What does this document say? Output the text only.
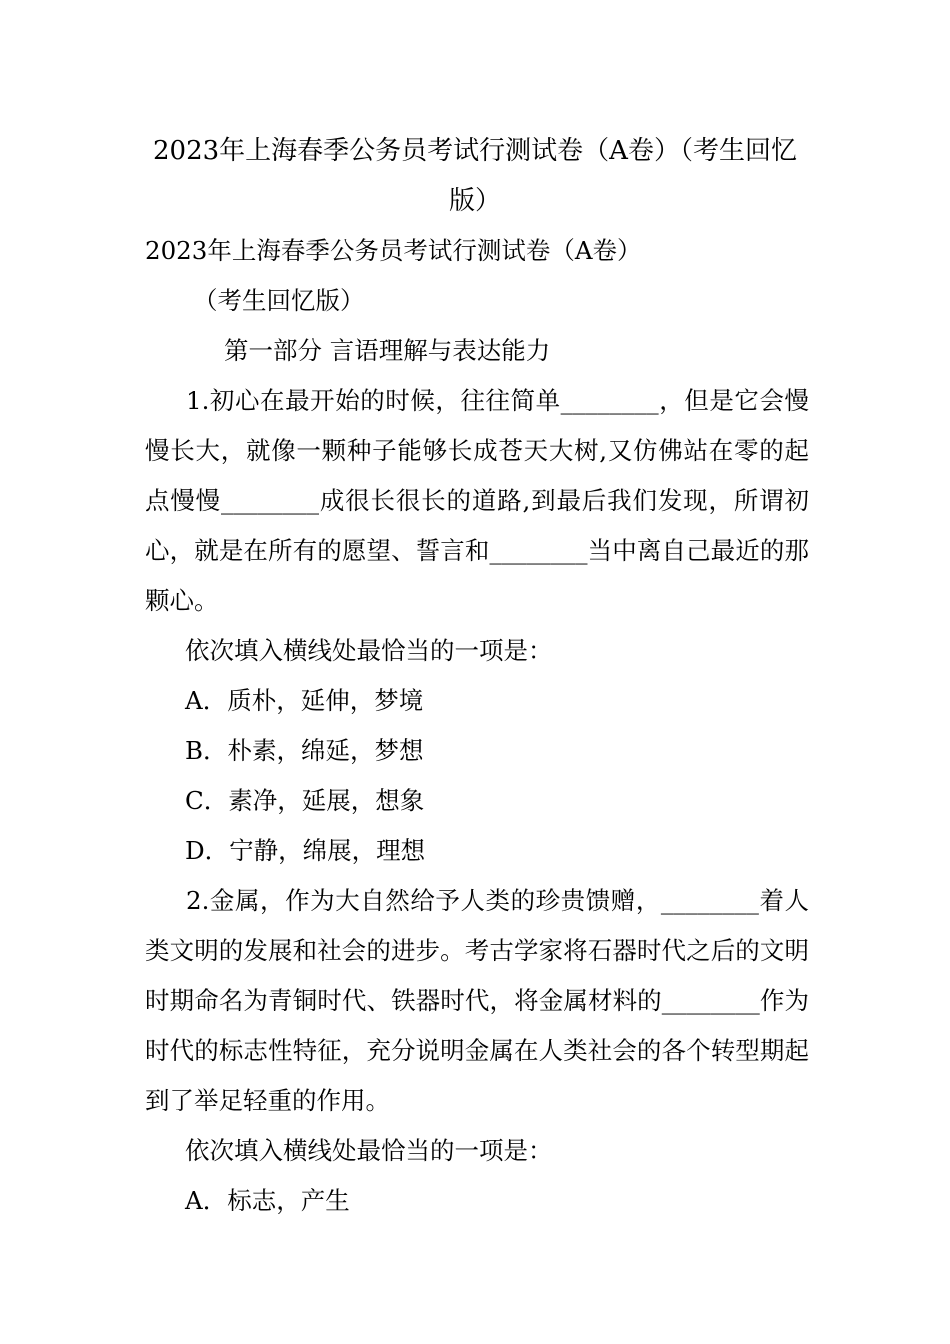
2023年上海春季公务员考试行测试卷（A卷）（考生回忆版）
2023年上海春季公务员考试行测试卷（A卷）
（考生回忆版）
第一部分 言语理解与表达能力

1.初心在最开始的时候，往往简单________，但是它会慢慢长大，就像一颗种子能够长成苍天大树,又仿佛站在零的起点慢慢________成很长很长的道路,到最后我们发现，所谓初心，就是在所有的愿望、誓言和________当中离自己最近的那颗心。

依次填入横线处最恰当的一项是：
A．质朴，延伸，梦境
B．朴素，绵延，梦想
C．素净，延展，想象
D．宁静，绵展，理想

2.金属，作为大自然给予人类的珍贵馈赠，________着人类文明的发展和社会的进步。考古学家将石器时代之后的文明时期命名为青铜时代、铁器时代，将金属材料的________作为时代的标志性特征，充分说明金属在人类社会的各个转型期起到了举足轻重的作用。

依次填入横线处最恰当的一项是：
A．标志，产生
